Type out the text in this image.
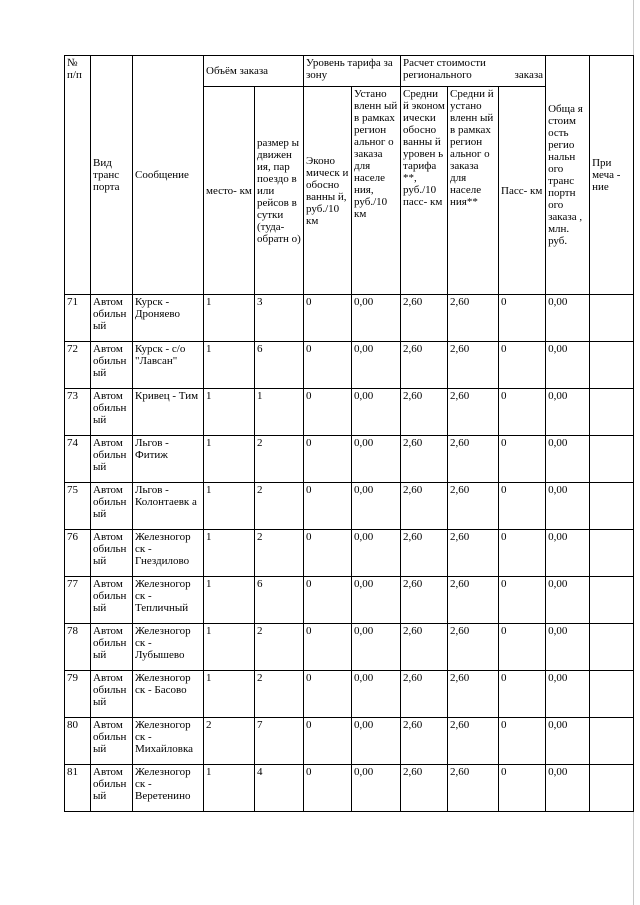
№ п/п	Вид транс порта	Сообщение	Объём заказа		Уровень тарифа за зону		Расчет стоимости регионального заказа			Обща я стоим ость регио нальн ого транс портн ого заказа , млн. руб.	При меча - ние
			место- км	размер ы движен ия, пар поездо в или рейсов в сутки (туда- обратн о)	Эконо мическ и обосно ванны й, руб./10 км	Устано вленн ый в рамках регион альног о заказа для населе ния, руб./10 км	Средни й эконом ически обосно ванны й уровен ь тарифа **, руб./10 пасс- км	Средни й устано вленн ый в рамках регион альног о заказа для населе ния**	Пасс- км		
71	Автом обильн ый	Курск - Дроняево	1	3	0	0,00	2,60	2,60	0	0,00	
72	Автом обильн ый	Курск - с/о "Лавсан"	1	6	0	0,00	2,60	2,60	0	0,00	
73	Автом обильн ый	Кривец - Тим	1	1	0	0,00	2,60	2,60	0	0,00	
74	Автом обильн ый	Льгов - Фитиж	1	2	0	0,00	2,60	2,60	0	0,00	
75	Автом обильн ый	Льгов - Колонтаевк а	1	2	0	0,00	2,60	2,60	0	0,00	
76	Автом обильн ый	Железногор ск - Гнездилово	1	2	0	0,00	2,60	2,60	0	0,00	
77	Автом обильн ый	Железногор ск - Тепличный	1	6	0	0,00	2,60	2,60	0	0,00	
78	Автом обильн ый	Железногор ск - Лубышево	1	2	0	0,00	2,60	2,60	0	0,00	
79	Автом обильн ый	Железногор ск - Басово	1	2	0	0,00	2,60	2,60	0	0,00	
80	Автом обильн ый	Железногор ск - Михайловка	2	7	0	0,00	2,60	2,60	0	0,00	
81	Автом обильн ый	Железногор ск - Веретенино	1	4	0	0,00	2,60	2,60	0	0,00	
